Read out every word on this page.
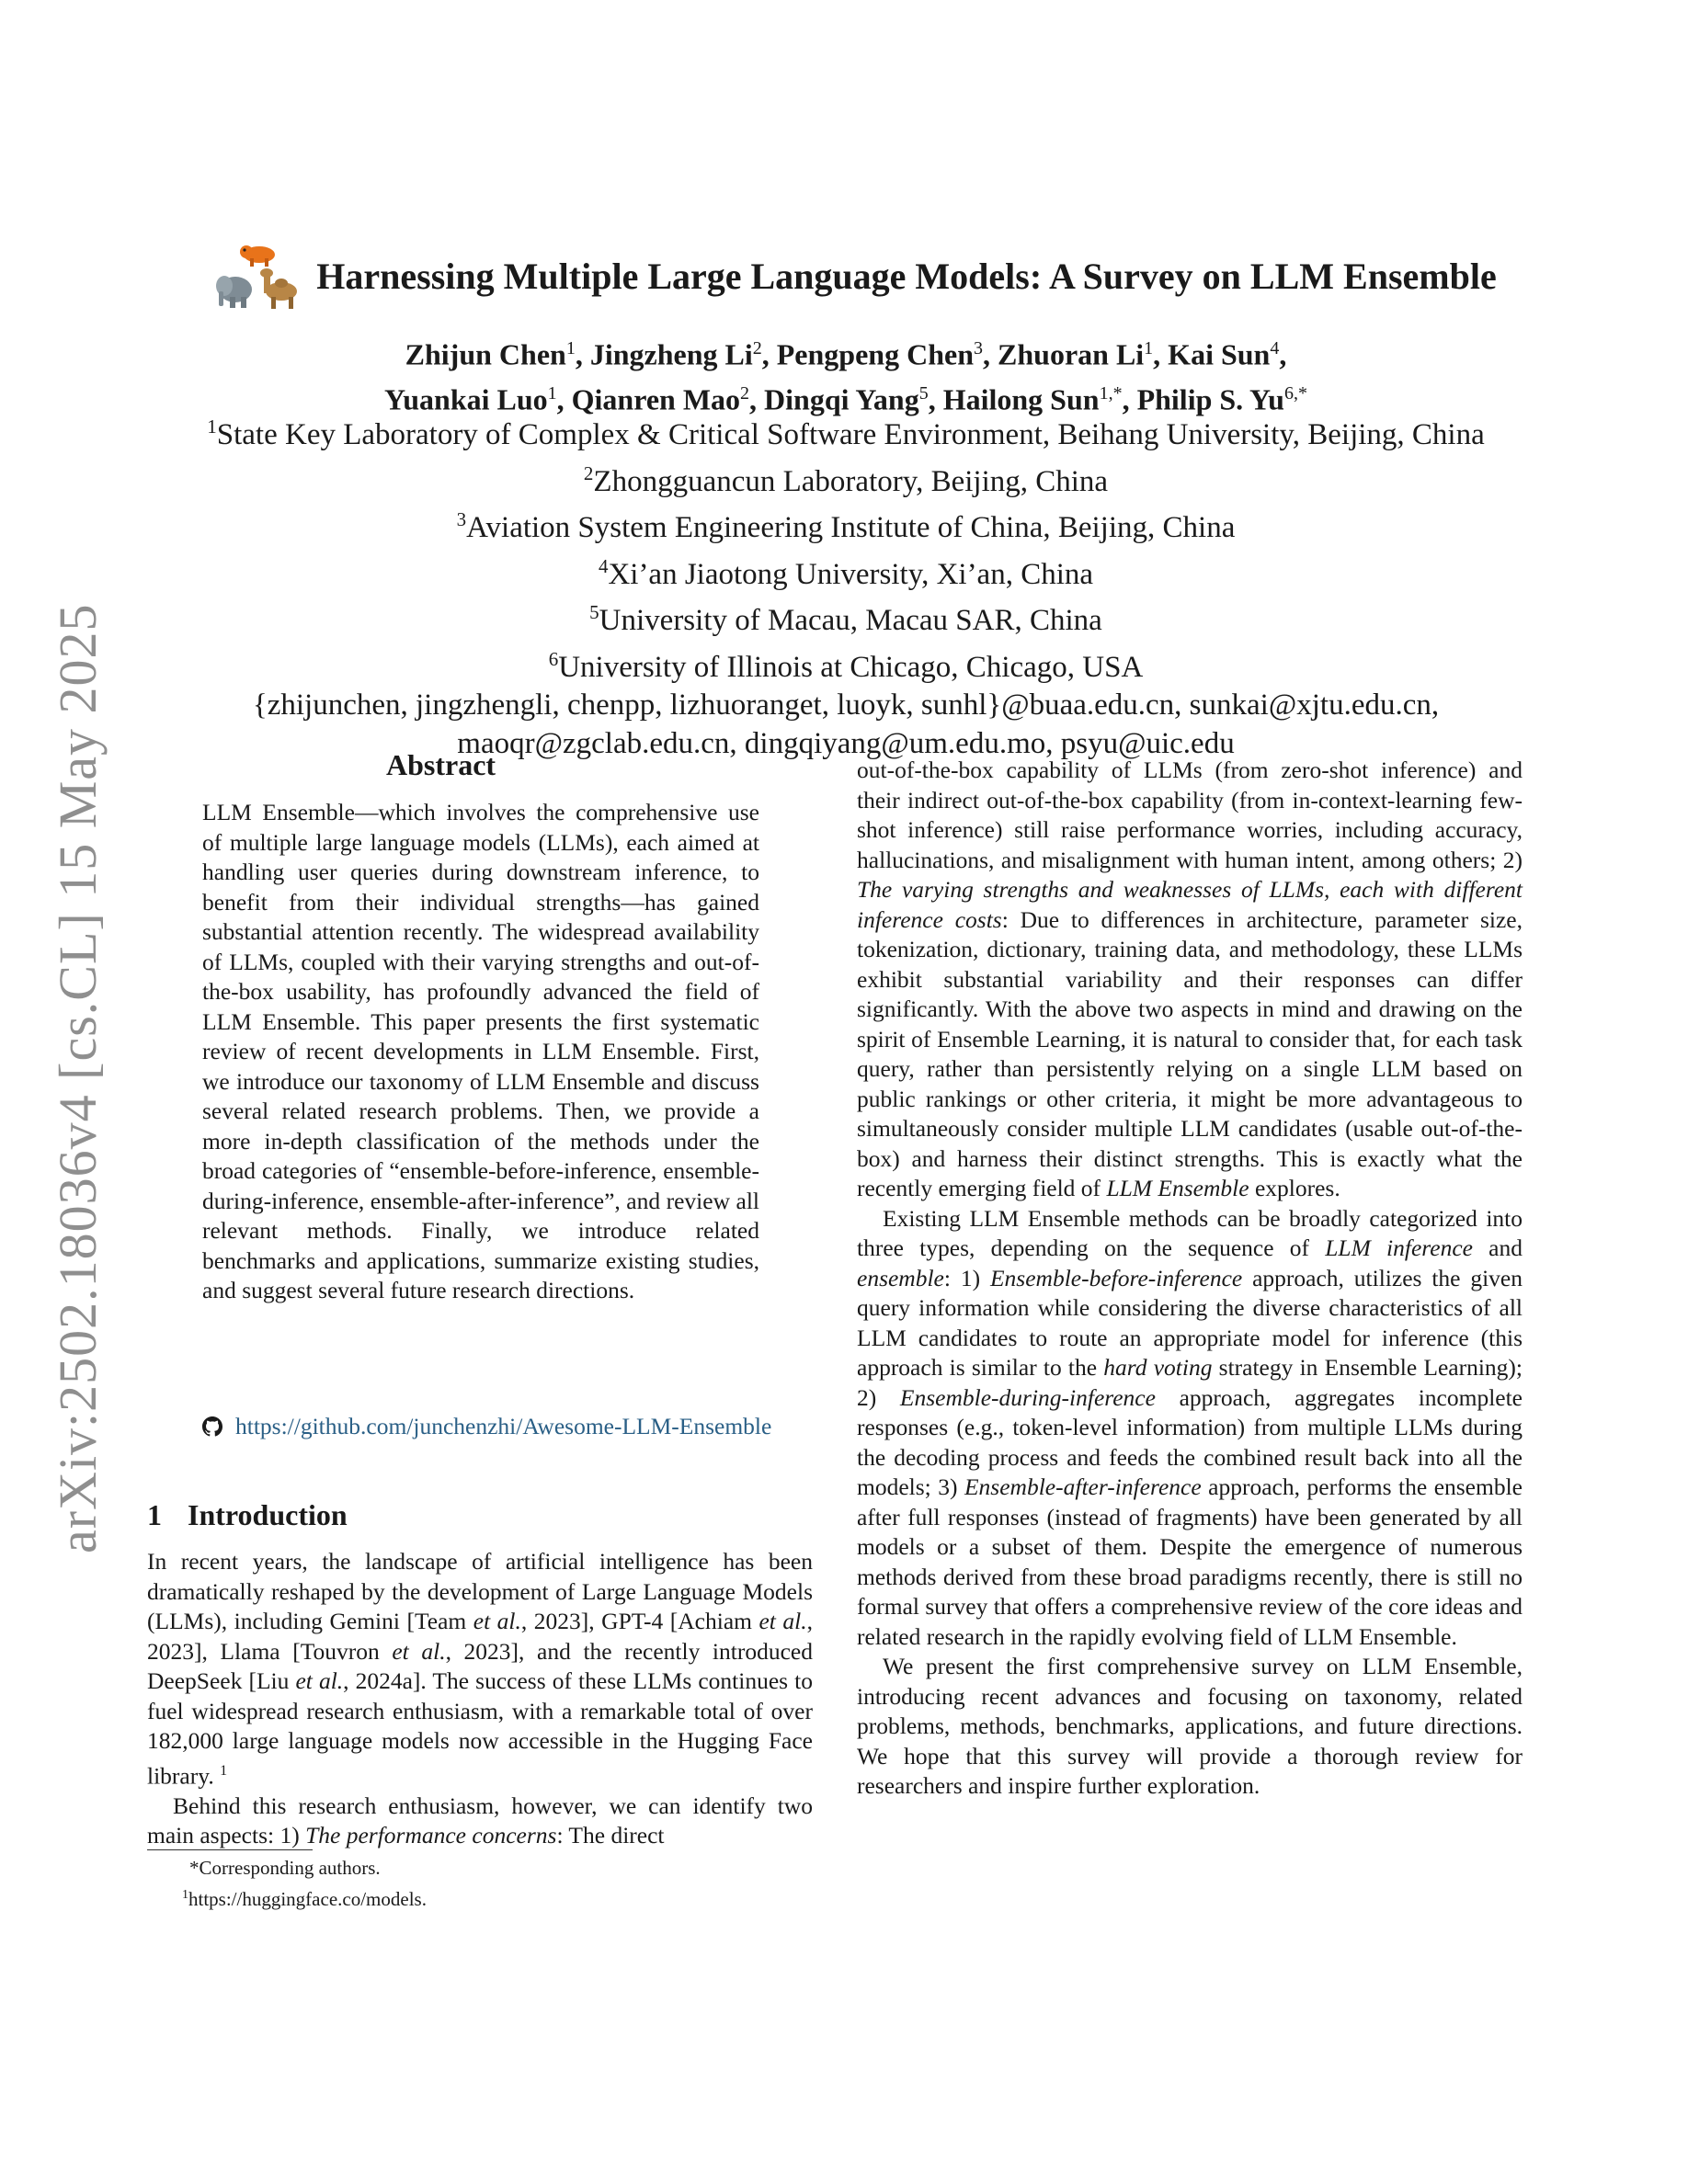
arXiv:2502.18036v4 [cs.CL] 15 May 2025
Harnessing Multiple Large Language Models: A Survey on LLM Ensemble
Zhijun Chen$^1$, Jingzheng Li$^2$, Pengpeng Chen$^3$, Zhuoran Li$^1$, Kai Sun$^4$,
Yuankai Luo$^1$, Qianren Mao$^2$, Dingqi Yang$^5$, Hailong Sun$^{1,*}$, Philip S. $Yu^{6,*}$
$^1$State Key Laboratory of Complex & Critical Software Environment, Beihang University, Beijing, China
$^2$Zhongguancun Laboratory, Beijing, China
$^3$Aviation System Engineering Institute of China, Beijing, China
$^4$Xi’an Jiaotong University, Xi’an, China
$^5$University of Macau, Macau SAR, China
$^6$University of Illinois at Chicago, Chicago, USA
{zhijunchen, jingzhengli, chenpp, lizhuoranget, luoyk, sunhl}@buaa.edu.cn, sunkai@xjtu.edu.cn,
maoqr@zgclab.edu.cn, dingqiyang@um.edu.mo, psyu@uic.edu
Abstract

LLM Ensemble—which involves the comprehensive use of multiple large language models (LLMs), each aimed at handling user queries during downstream inference, to benefit from their individual strengths—has gained substantial attention recently. The widespread availability of LLMs, coupled with their varying strengths and out-of-the-box usability, has profoundly advanced the field of LLM Ensemble. This paper presents the first systematic review of recent developments in LLM Ensemble. First, we introduce our taxonomy of LLM Ensemble and discuss several related research problems. Then, we provide a more in-depth classification of the methods under the broad categories of “ensemble-before-inference, ensemble-during-inference, ensemble-after-inference”, and review all relevant methods. Finally, we introduce related benchmarks and applications, summarize existing studies, and suggest several future research directions.

https://github.com/junchenzhi/Awesome-LLM-Ensemble
1 Introduction

In recent years, the landscape of artificial intelligence has been dramatically reshaped by the development of Large Language Models (LLMs), including Gemini [Team et al., 2023], GPT-4 [Achiam et al., 2023], Llama [Touvron et al., 2023], and the recently introduced DeepSeek [Liu et al., 2024a]. The success of these LLMs continues to fuel widespread research enthusiasm, with a remarkable total of over 182,000 large language models now accessible in the Hugging Face library. $^1$

Behind this research enthusiasm, however, we can identify two main aspects: 1) The performance concerns: The direct

*Corresponding authors.
$^1$https://huggingface.co/models.

out-of-the-box capability of LLMs (from zero-shot inference) and their indirect out-of-the-box capability (from in-context-learning few-shot inference) still raise performance worries, including accuracy, hallucinations, and misalignment with human intent, among others; 2) The varying strengths and weaknesses of LLMs, each with different inference costs: Due to differences in architecture, parameter size, tokenization, dictionary, training data, and methodology, these LLMs exhibit substantial variability and their responses can differ significantly. With the above two aspects in mind and drawing on the spirit of Ensemble Learning, it is natural to consider that, for each task query, rather than persistently relying on a single LLM based on public rankings or other criteria, it might be more advantageous to simultaneously consider multiple LLM candidates (usable out-of-the-box) and harness their distinct strengths. This is exactly what the recently emerging field of LLM Ensemble explores.

Existing LLM Ensemble methods can be broadly categorized into three types, depending on the sequence of LLM inference and ensemble: 1) Ensemble-before-inference approach, utilizes the given query information while considering the diverse characteristics of all LLM candidates to route an appropriate model for inference (this approach is similar to the hard voting strategy in Ensemble Learning); 2) Ensemble-during-inference approach, aggregates incomplete responses (e.g., token-level information) from multiple LLMs during the decoding process and feeds the combined result back into all the models; 3) Ensemble-after-inference approach, performs the ensemble after full responses (instead of fragments) have been generated by all models or a subset of them. Despite the emergence of numerous methods derived from these broad paradigms recently, there is still no formal survey that offers a comprehensive review of the core ideas and related research in the rapidly evolving field of LLM Ensemble.

We present the first comprehensive survey on LLM Ensemble, introducing recent advances and focusing on taxonomy, related problems, methods, benchmarks, applications, and future directions. We hope that this survey will provide a thorough review for researchers and inspire further exploration.
